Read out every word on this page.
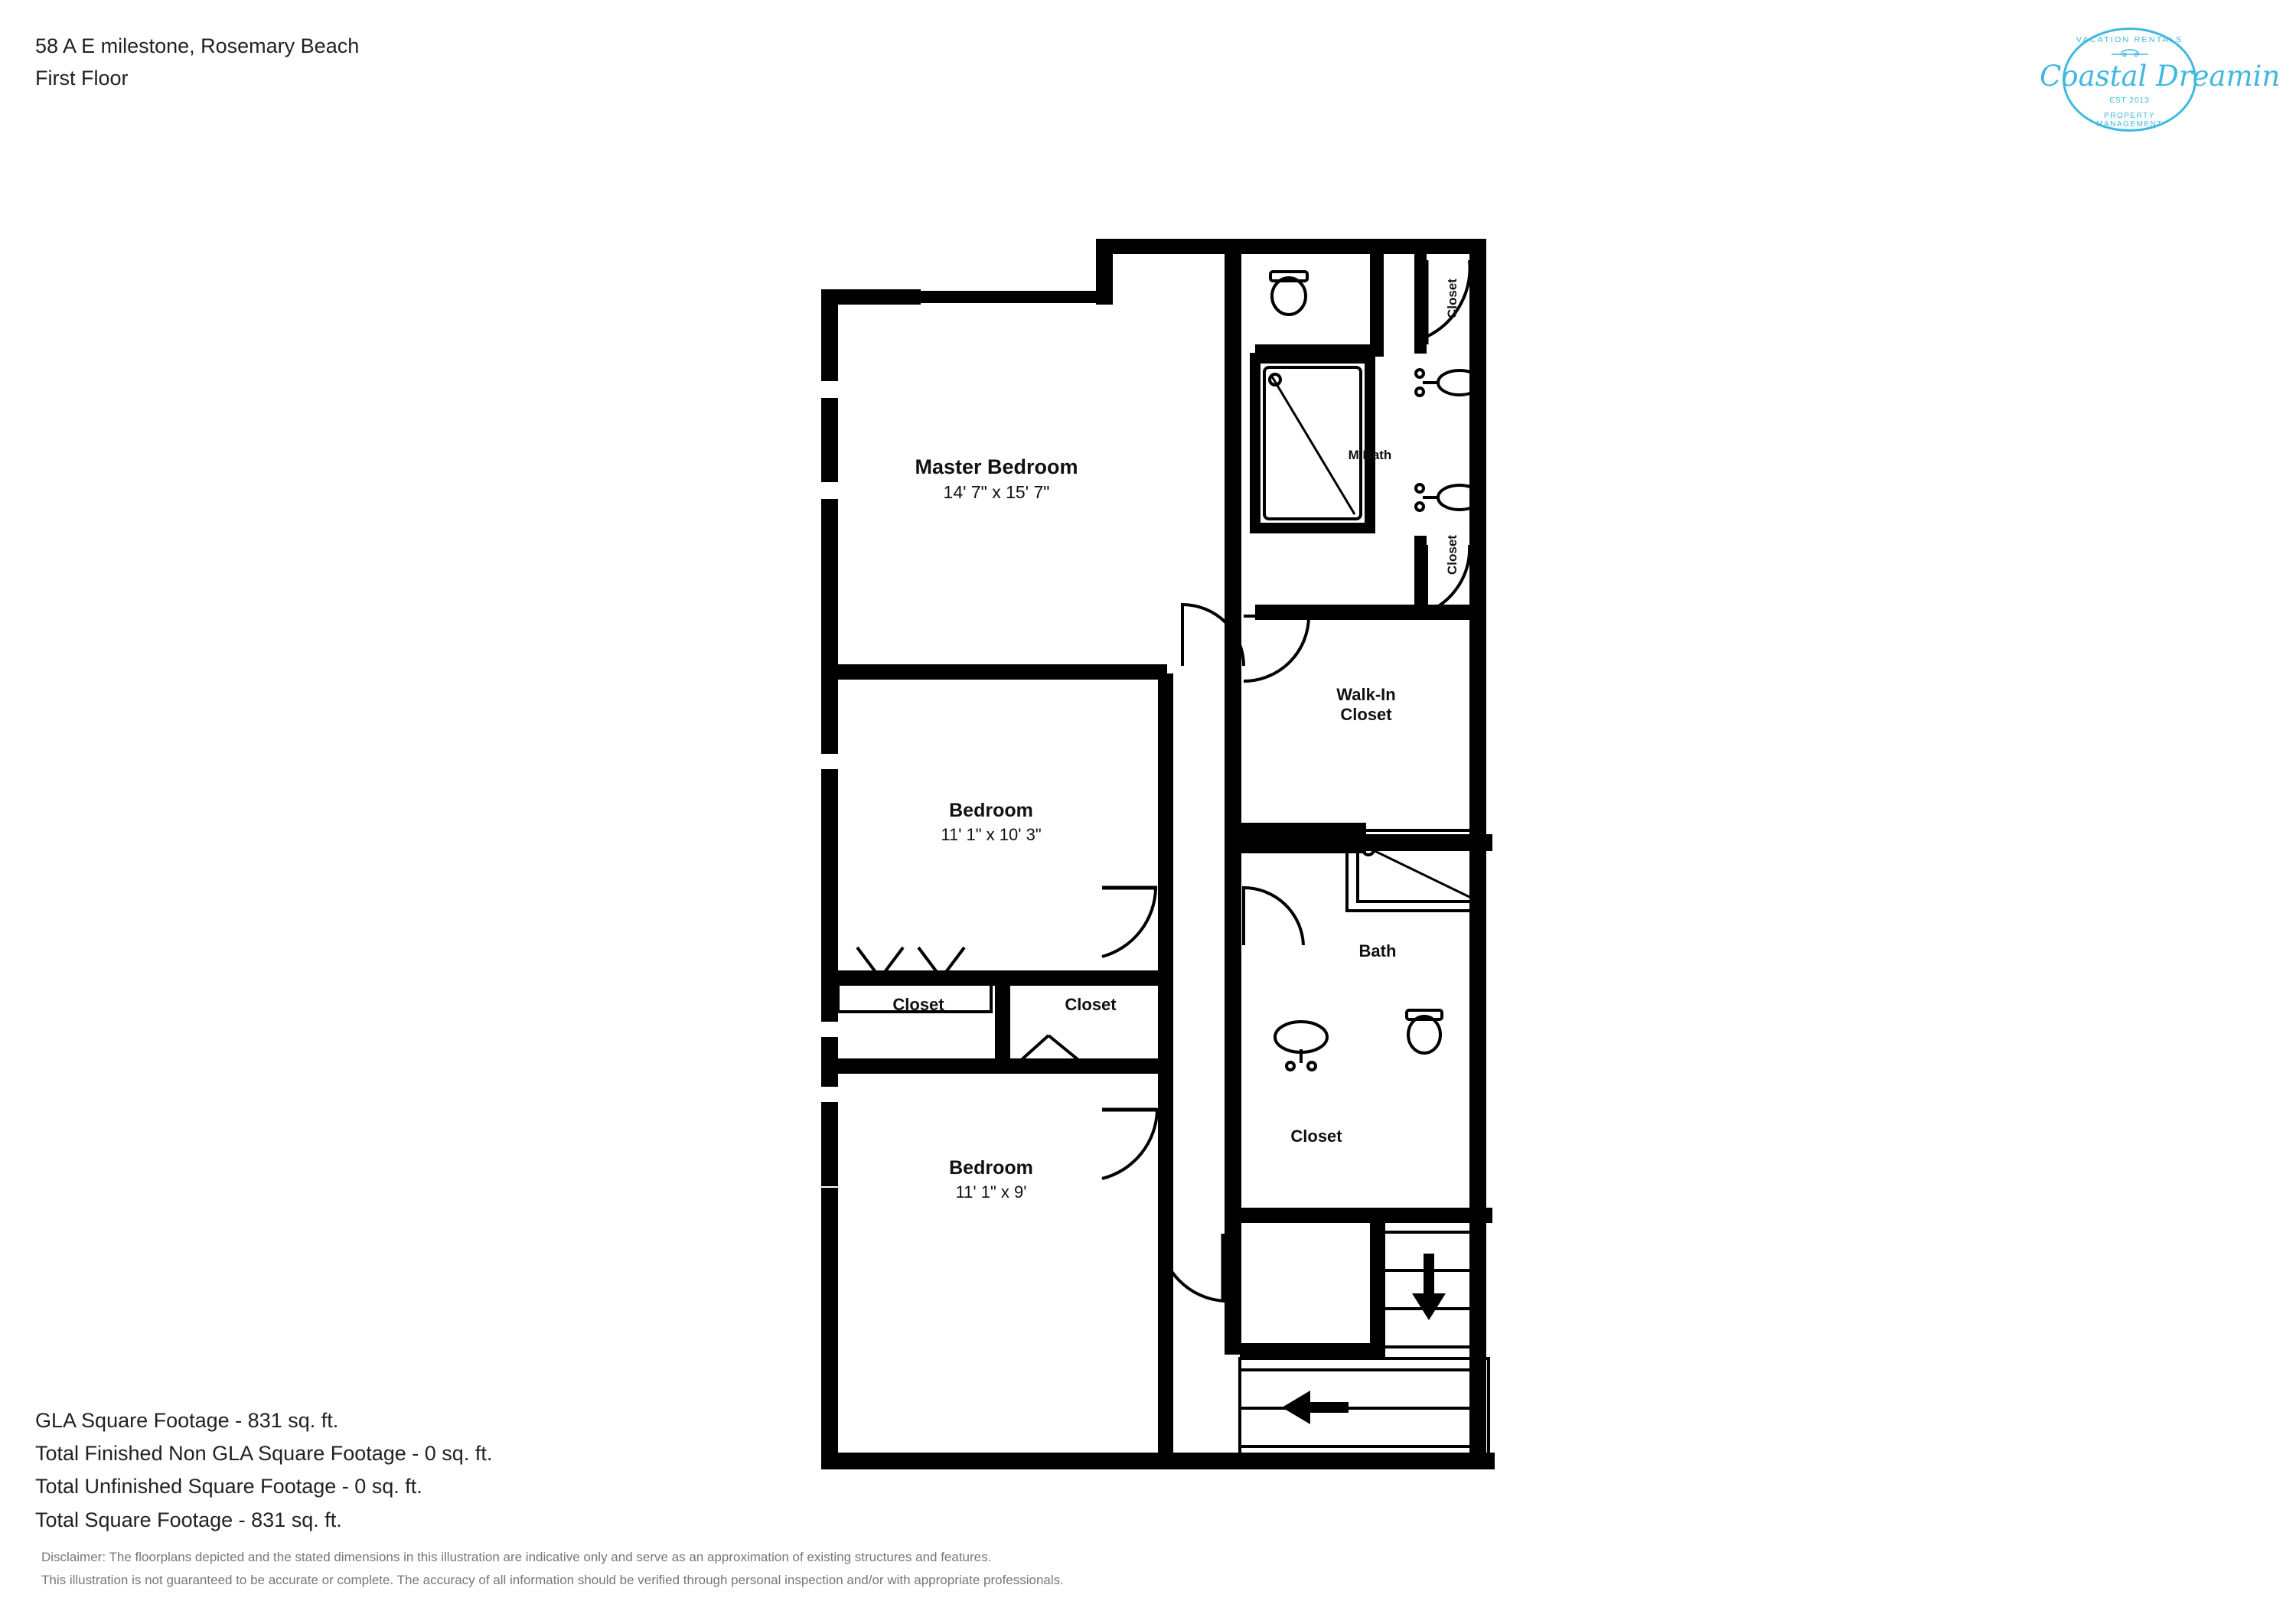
58 A E milestone, Rosemary Beach
First Floor
VACATION RENTALS
Coastal Dreamin
EST 2013
PROPERTY MANAGEMENT
Master Bedroom
14' 7" x 15' 7"
Bedroom
11' 1" x 10' 3"
Bedroom
11' 1" x 9'
Walk-In
Closet
Bath
M.Bath
Closet	Closet
Closet
Closet
Closet
GLA Square Footage - 831 sq. ft.
Total Finished Non GLA Square Footage - 0 sq. ft.
Total Unfinished Square Footage - 0 sq. ft.
Total Square Footage - 831 sq. ft.
Disclaimer: The floorplans depicted and the stated dimensions in this illustration are indicative only and serve as an approximation of existing structures and features.
This illustration is not guaranteed to be accurate or complete. The accuracy of all information should be verified through personal inspection and/or with appropriate professionals.
